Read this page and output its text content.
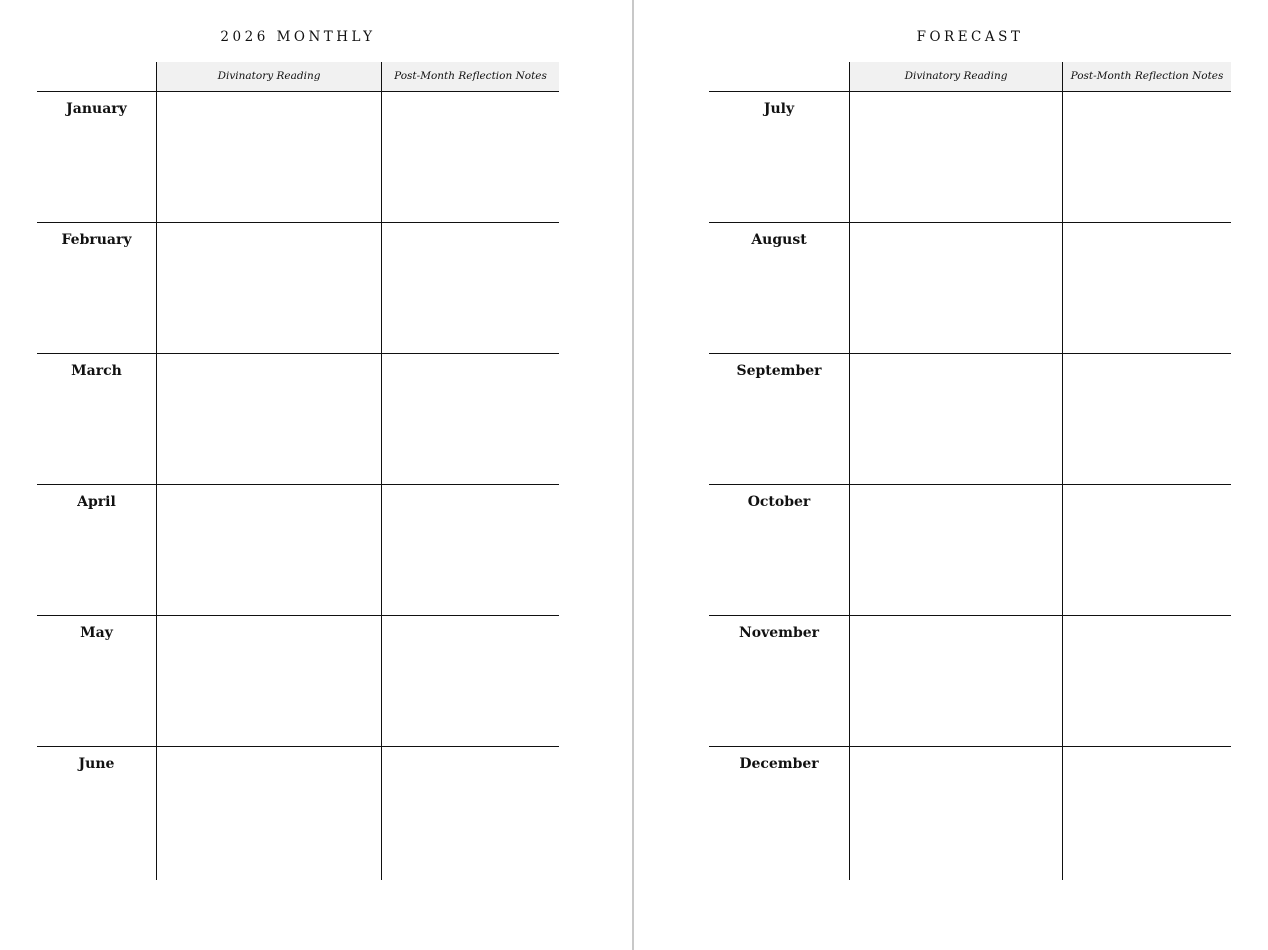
2026 MONTHLY
Divinatory Reading	Post-Month Reflection Notes
January
February
March
April
May
June
FORECAST
Divinatory Reading	Post-Month Reflection Notes
July
August
September
October
November
December
